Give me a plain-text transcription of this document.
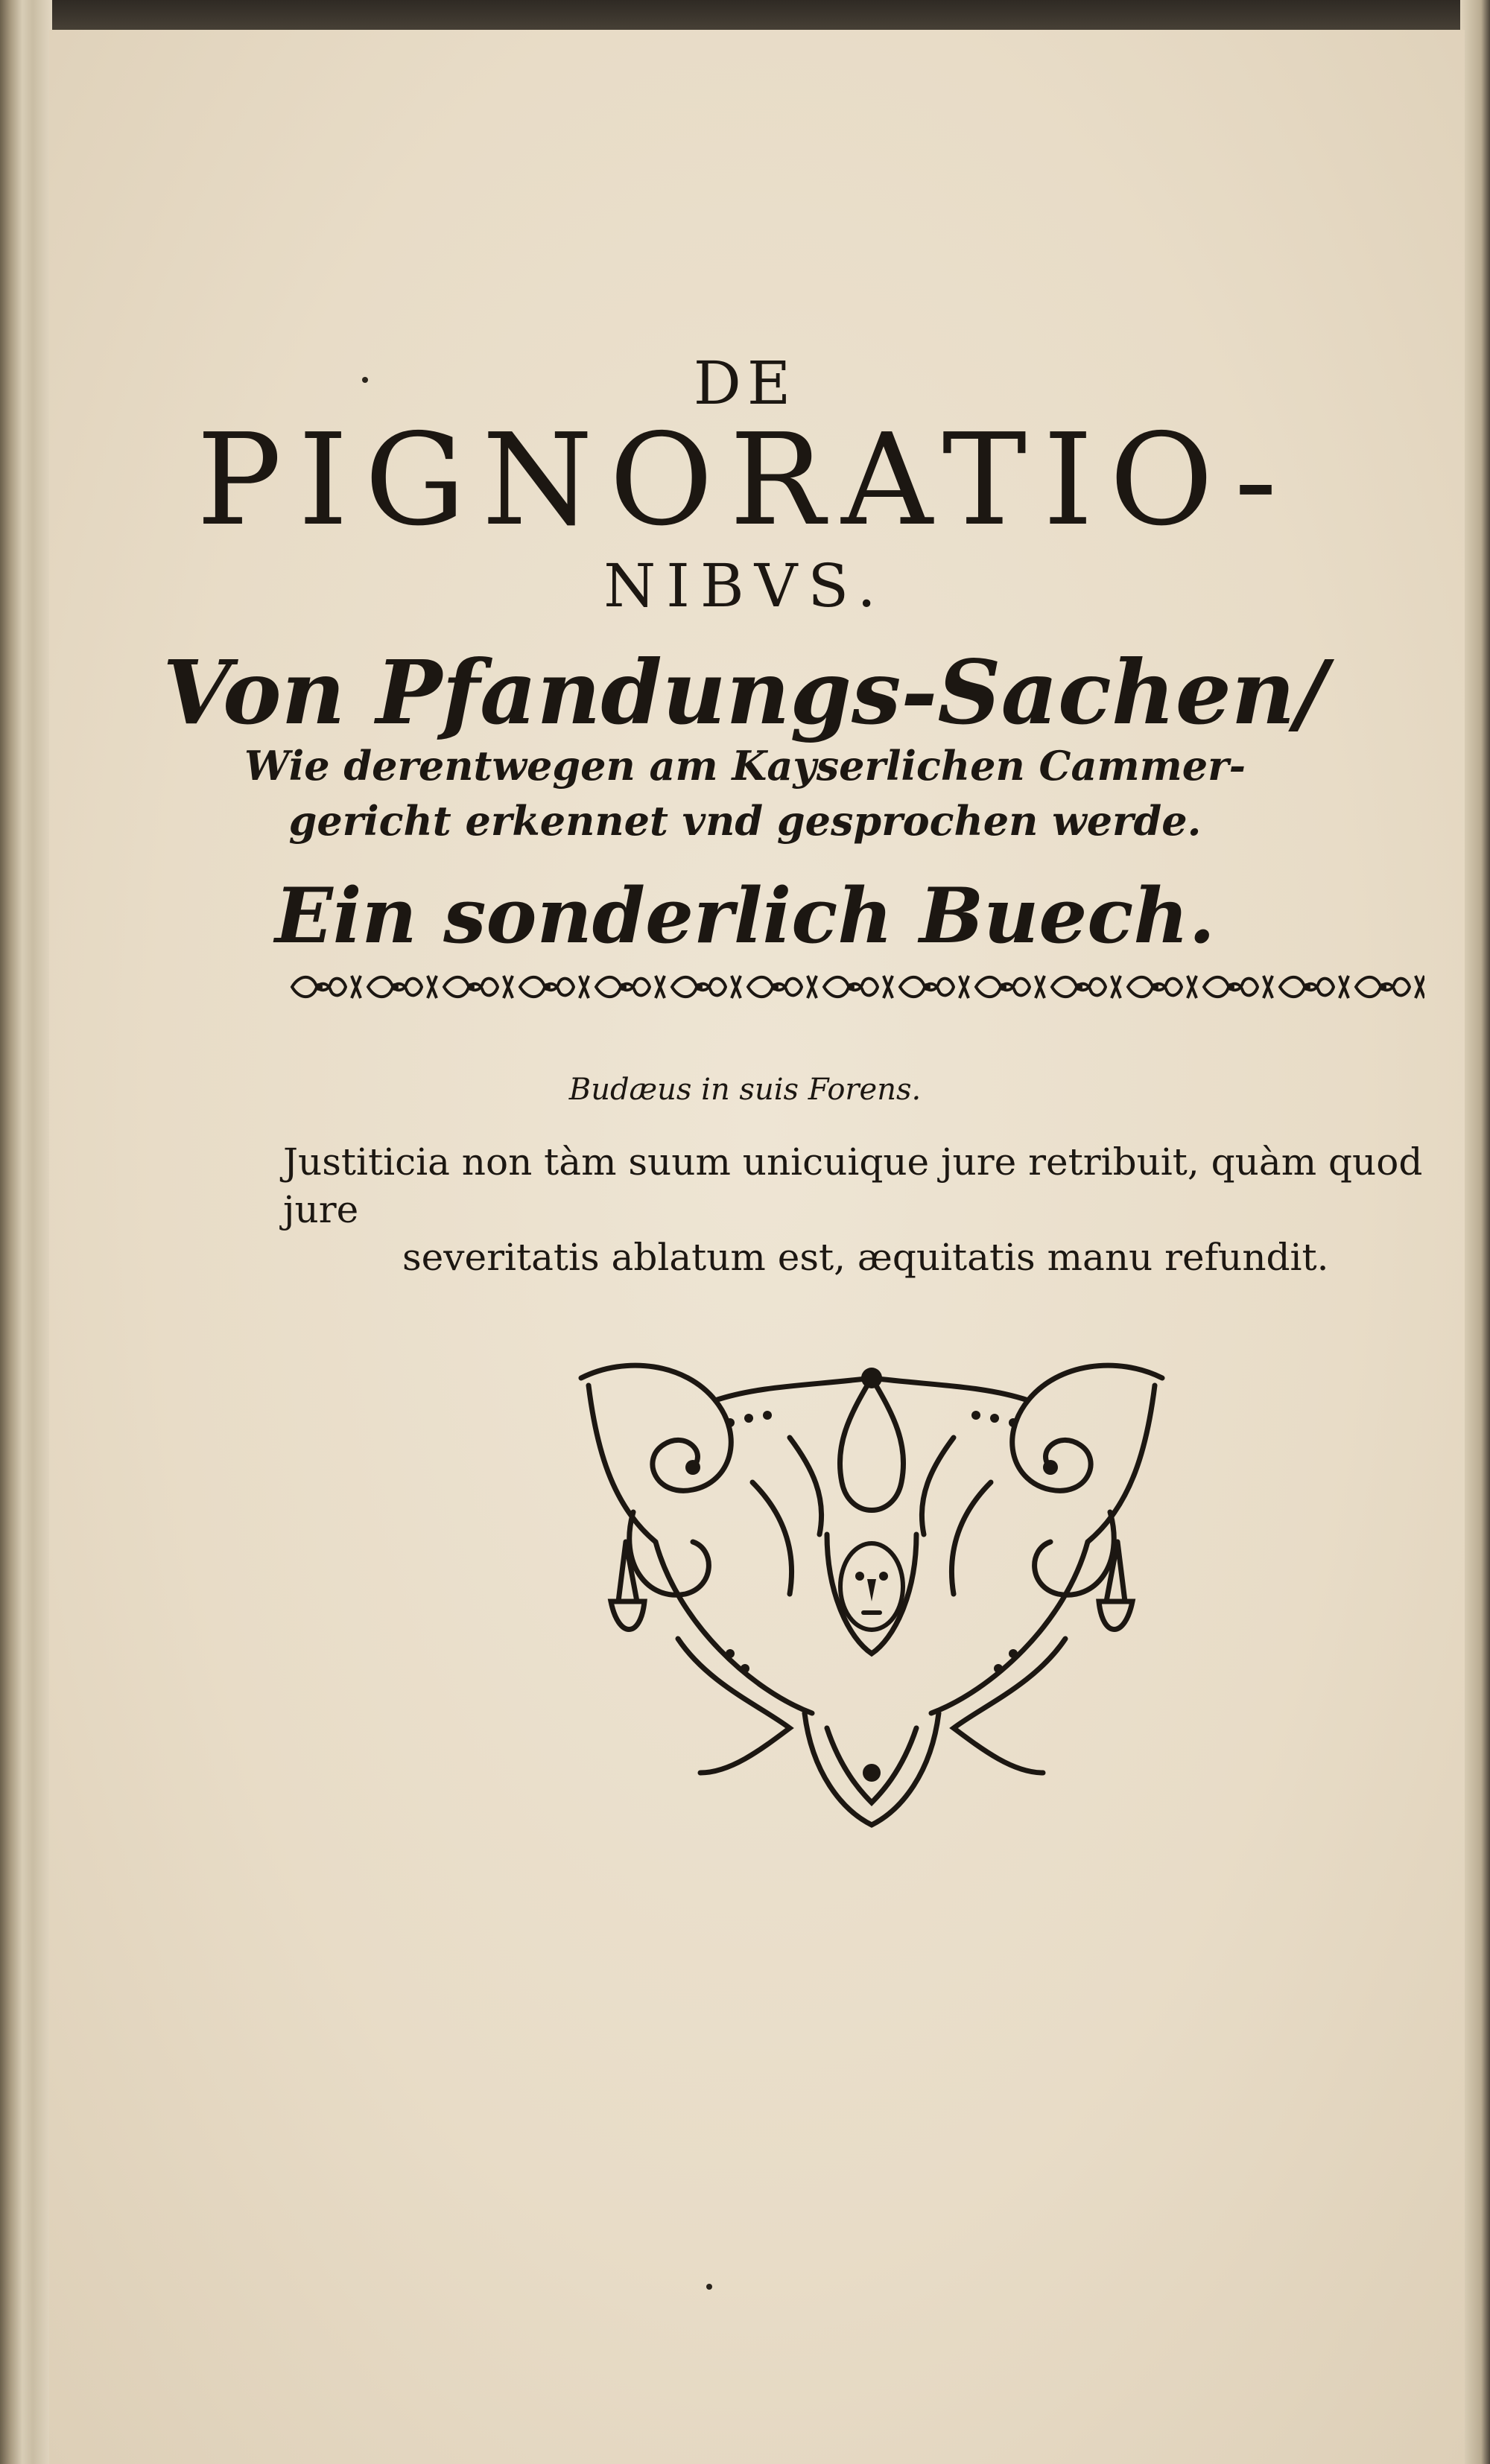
DE
PIGNORATIO-
NIBVS.
Von Pfandungs-Sachen/
Wie derentwegen am Kayserlichen Cammer-
gericht erkennet vnd gesprochen werde.
Ein sonderlich Buech.
Budæus in suis Forens.
Justiticia non tàm suum unicuique jure retribuit, quàm quod jure
severitatis ablatum est, æquitatis manu refundit.
